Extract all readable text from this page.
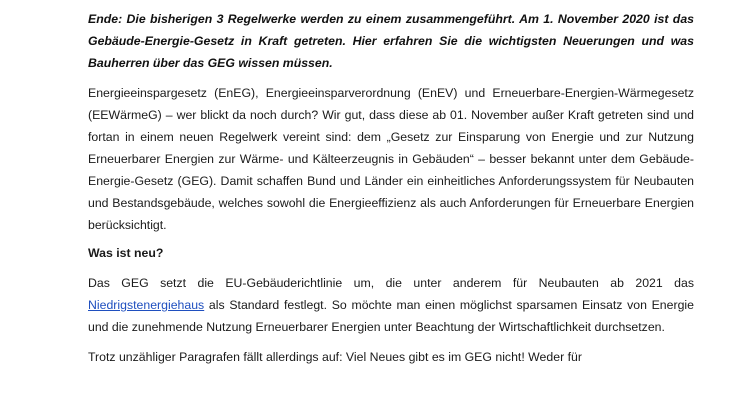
Ende: Die bisherigen 3 Regelwerke werden zu einem zusammengeführt. Am 1. November 2020 ist das Gebäude-Energie-Gesetz in Kraft getreten. Hier erfahren Sie die wichtigsten Neuerungen und was Bauherren über das GEG wissen müssen.

Energieeinspargesetz (EnEG), Energieeinsparverordnung (EnEV) und Erneuerbare-Energien-Wärmegesetz (EEWärmeG) – wer blickt da noch durch? Wir gut, dass diese ab 01. November außer Kraft getreten sind und fortan in einem neuen Regelwerk vereint sind: dem „Gesetz zur Einsparung von Energie und zur Nutzung Erneuerbarer Energien zur Wärme- und Kälteerzeugnis in Gebäuden“ – besser bekannt unter dem Gebäude-Energie-Gesetz (GEG). Damit schaffen Bund und Länder ein einheitliches Anforderungssystem für Neubauten und Bestandsgebäude, welches sowohl die Energieeffizienz als auch Anforderungen für Erneuerbare Energien berücksichtigt.

Was ist neu?

Das GEG setzt die EU-Gebäuderichtlinie um, die unter anderem für Neubauten ab 2021 das Niedrigstenergiehaus als Standard festlegt. So möchte man einen möglichst sparsamen Einsatz von Energie und die zunehmende Nutzung Erneuerbarer Energien unter Beachtung der Wirtschaftlichkeit durchsetzen.

Trotz unzähliger Paragrafen fällt allerdings auf: Viel Neues gibt es im GEG nicht! Weder für
